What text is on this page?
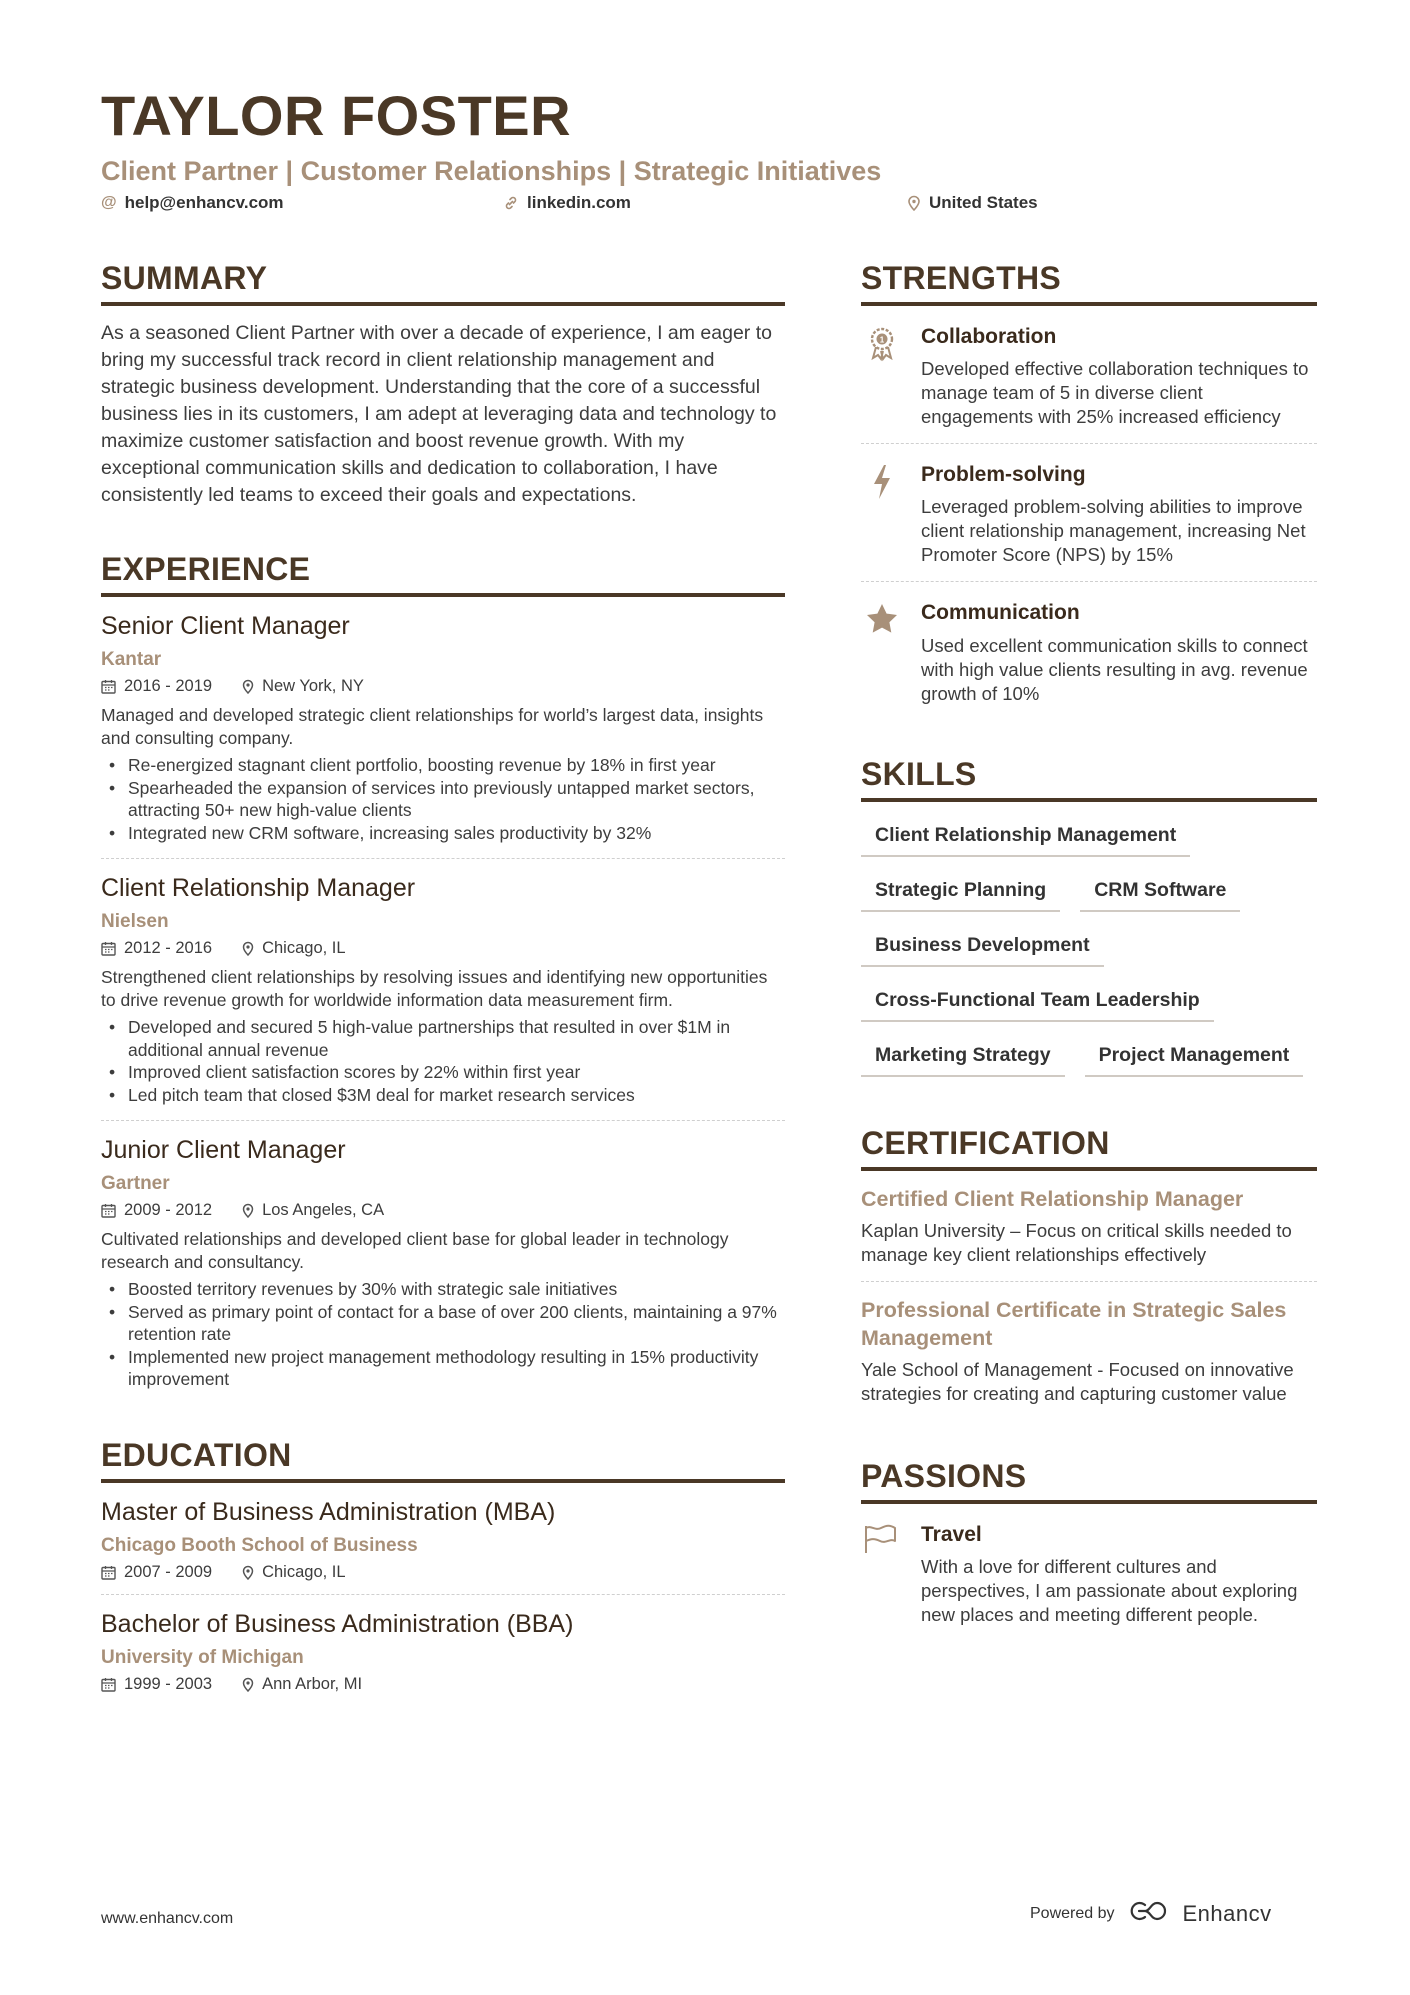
TAYLOR FOSTER
Client Partner | Customer Relationships | Strategic Initiatives
@ help@enhancv.com	linkedin.com	United States
SUMMARY
As a seasoned Client Partner with over a decade of experience, I am eager to bring my successful track record in client relationship management and strategic business development. Understanding that the core of a successful business lies in its customers, I am adept at leveraging data and technology to maximize customer satisfaction and boost revenue growth. With my exceptional communication skills and dedication to collaboration, I have consistently led teams to exceed their goals and expectations.
EXPERIENCE
Senior Client Manager
Kantar
2016 - 2019	New York, NY
Managed and developed strategic client relationships for world’s largest data, insights and consulting company.
• Re-energized stagnant client portfolio, boosting revenue by 18% in first year
• Spearheaded the expansion of services into previously untapped market sectors, attracting 50+ new high-value clients
• Integrated new CRM software, increasing sales productivity by 32%
Client Relationship Manager
Nielsen
2012 - 2016	Chicago, IL
Strengthened client relationships by resolving issues and identifying new opportunities to drive revenue growth for worldwide information data measurement firm.
• Developed and secured 5 high-value partnerships that resulted in over $1M in additional annual revenue
• Improved client satisfaction scores by 22% within first year
• Led pitch team that closed $3M deal for market research services
Junior Client Manager
Gartner
2009 - 2012	Los Angeles, CA
Cultivated relationships and developed client base for global leader in technology research and consultancy.
• Boosted territory revenues by 30% with strategic sale initiatives
• Served as primary point of contact for a base of over 200 clients, maintaining a 97% retention rate
• Implemented new project management methodology resulting in 15% productivity improvement
EDUCATION
Master of Business Administration (MBA)
Chicago Booth School of Business
2007 - 2009	Chicago, IL
Bachelor of Business Administration (BBA)
University of Michigan
1999 - 2003	Ann Arbor, MI
STRENGTHS
1 Collaboration
Developed effective collaboration techniques to manage team of 5 in diverse client engagements with 25% increased efficiency
Problem-solving
Leveraged problem-solving abilities to improve client relationship management, increasing Net Promoter Score (NPS) by 15%
Communication
Used excellent communication skills to connect with high value clients resulting in avg. revenue growth of 10%
SKILLS
Client Relationship Management
Strategic Planning	CRM Software
Business Development
Cross-Functional Team Leadership
Marketing Strategy	Project Management
CERTIFICATION
Certified Client Relationship Manager
Kaplan University – Focus on critical skills needed to manage key client relationships effectively
Professional Certificate in Strategic Sales Management
Yale School of Management - Focused on innovative strategies for creating and capturing customer value
PASSIONS
Travel
With a love for different cultures and perspectives, I am passionate about exploring new places and meeting different people.
www.enhancv.com	Powered by	Enhancv
